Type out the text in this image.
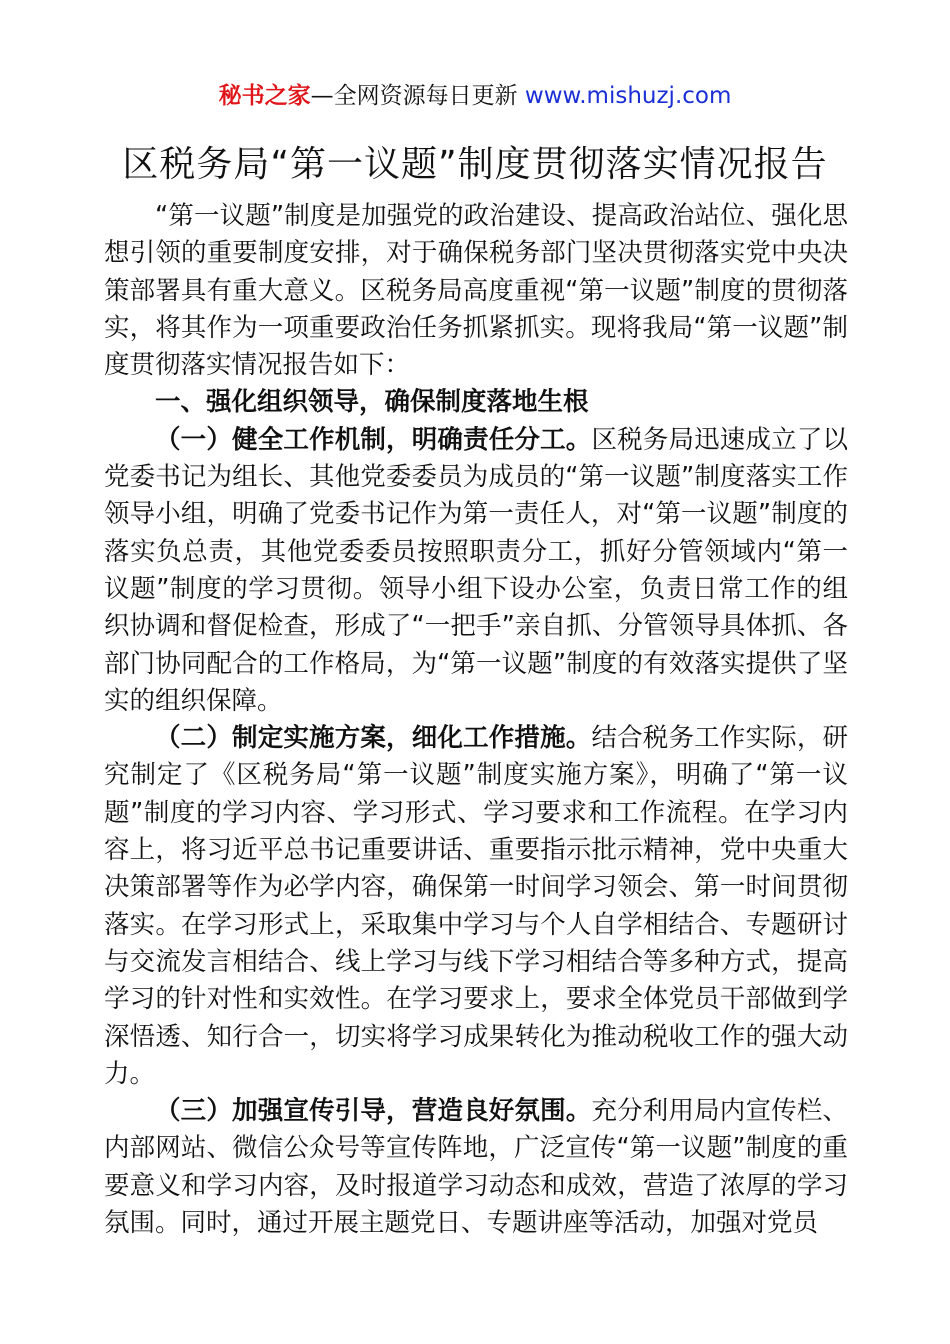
秘书之家—全网资源每日更新 www.mishuzj.com
区税务局“第一议题”制度贯彻落实情况报告

“第一议题”制度是加强党的政治建设、提高政治站位、强化思想引领的重要制度安排，对于确保税务部门坚决贯彻落实党中央决策部署具有重大意义。区税务局高度重视“第一议题”制度的贯彻落实，将其作为一项重要政治任务抓紧抓实。现将我局“第一议题”制度贯彻落实情况报告如下：

一、强化组织领导，确保制度落地生根

（一）健全工作机制，明确责任分工。区税务局迅速成立了以党委书记为组长、其他党委委员为成员的“第一议题”制度落实工作领导小组，明确了党委书记作为第一责任人，对“第一议题”制度的落实负总责，其他党委委员按照职责分工，抓好分管领域内“第一议题”制度的学习贯彻。领导小组下设办公室，负责日常工作的组织协调和督促检查，形成了“一把手”亲自抓、分管领导具体抓、各部门协同配合的工作格局，为“第一议题”制度的有效落实提供了坚实的组织保障。

（二）制定实施方案，细化工作措施。结合税务工作实际，研究制定了《区税务局“第一议题”制度实施方案》，明确了“第一议题”制度的学习内容、学习形式、学习要求和工作流程。在学习内容上，将习近平总书记重要讲话、重要指示批示精神，党中央重大决策部署等作为必学内容，确保第一时间学习领会、第一时间贯彻落实。在学习形式上，采取集中学习与个人自学相结合、专题研讨与交流发言相结合、线上学习与线下学习相结合等多种方式，提高学习的针对性和实效性。在学习要求上，要求全体党员干部做到学深悟透、知行合一，切实将学习成果转化为推动税收工作的强大动力。

（三）加强宣传引导，营造良好氛围。充分利用局内宣传栏、内部网站、微信公众号等宣传阵地，广泛宣传“第一议题”制度的重要意义和学习内容，及时报道学习动态和成效，营造了浓厚的学习氛围。同时，通过开展主题党日、专题讲座等活动，加强对党员
